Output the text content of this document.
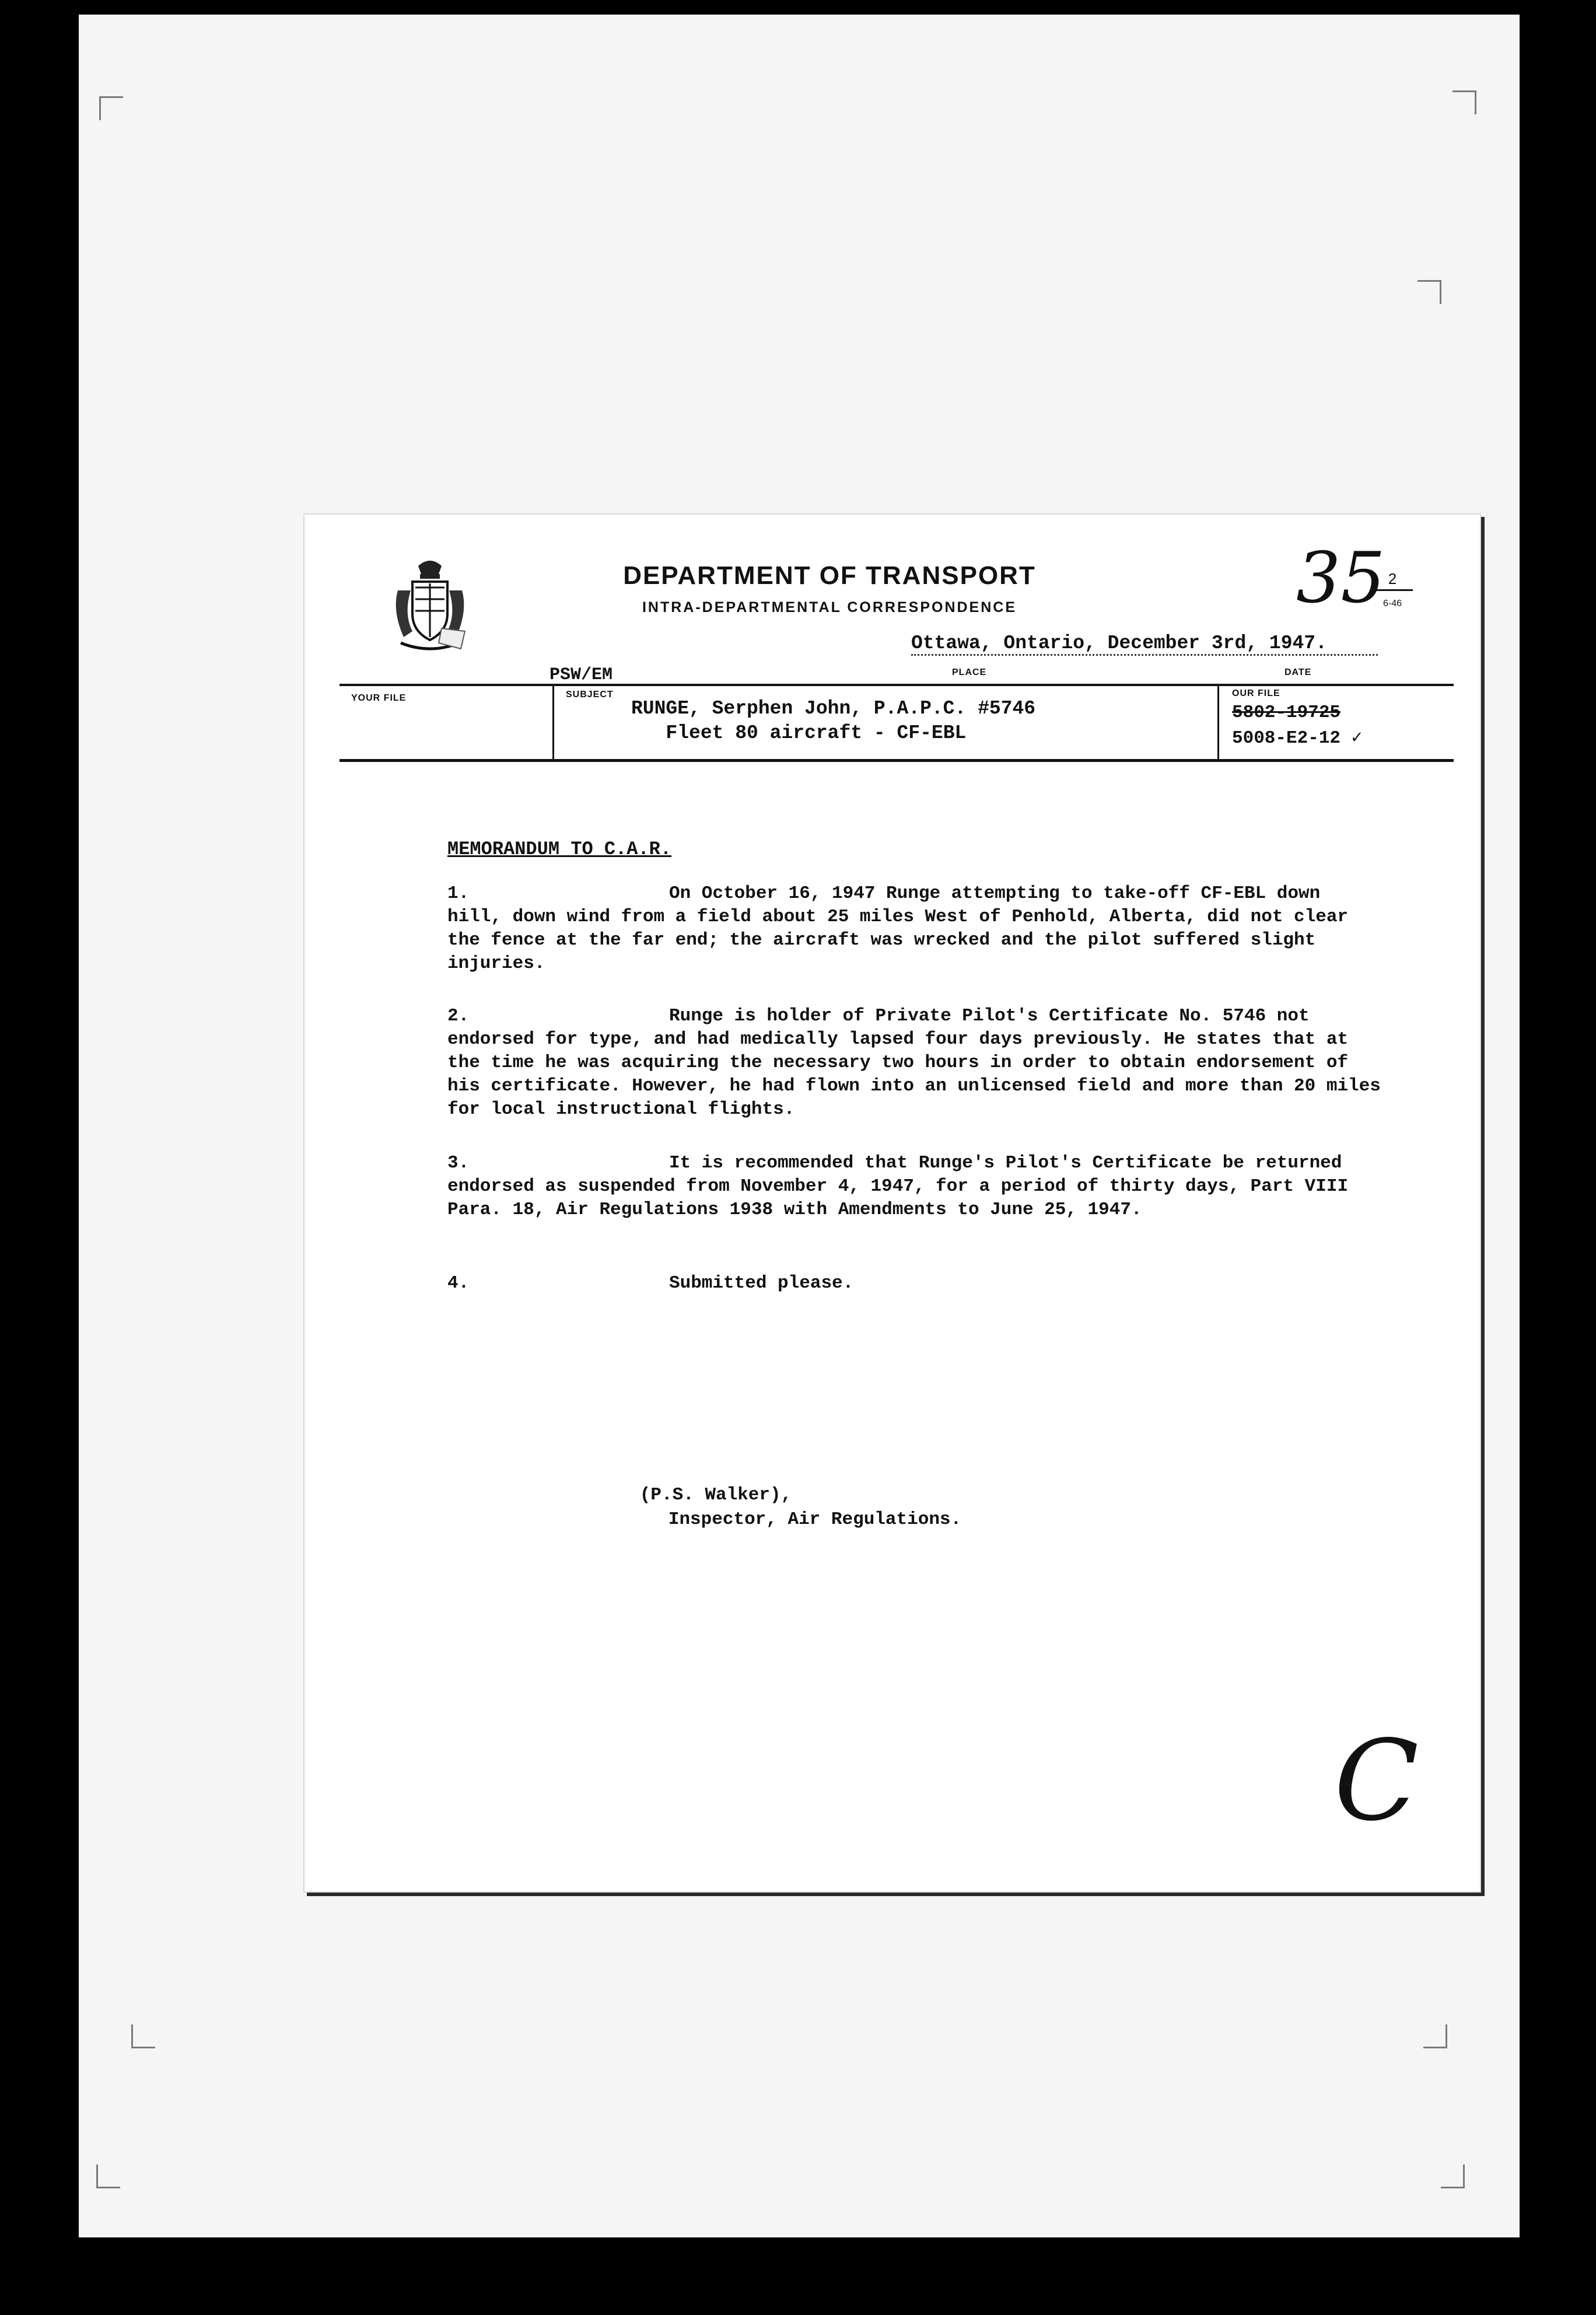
DEPARTMENT OF TRANSPORT
INTRA-DEPARTMENTAL CORRESPONDENCE	35 2
6-46
Ottawa, Ontario, December 3rd, 1947.
PLACE	DATE
PSW/EM
YOUR FILE	SUBJECT	OUR FILE
RUNGE, Serphen John, P.A.P.C. #5746
Fleet 80 aircraft - CF-EBL
5802-19725
5008-E2-12 ✓
MEMORANDUM TO C.A.R.
1.	On October 16, 1947 Runge attempting to take-off CF-EBL down hill, down wind from a field about 25 miles West of Penhold, Alberta, did not clear the fence at the far end; the aircraft was wrecked and the pilot suffered slight injuries.
2.	Runge is holder of Private Pilot's Certificate No. 5746 not endorsed for type, and had medically lapsed four days previously. He states that at the time he was acquiring the necessary two hours in order to obtain endorsement of his certificate. However, he had flown into an unlicensed field and more than 20 miles for local instructional flights.
3.	It is recommended that Runge's Pilot's Certificate be returned endorsed as suspended from November 4, 1947, for a period of thirty days, Part VIII Para. 18, Air Regulations 1938 with Amendments to June 25, 1947.
4.	Submitted please.
(P.S. Walker),
Inspector, Air Regulations.
C
